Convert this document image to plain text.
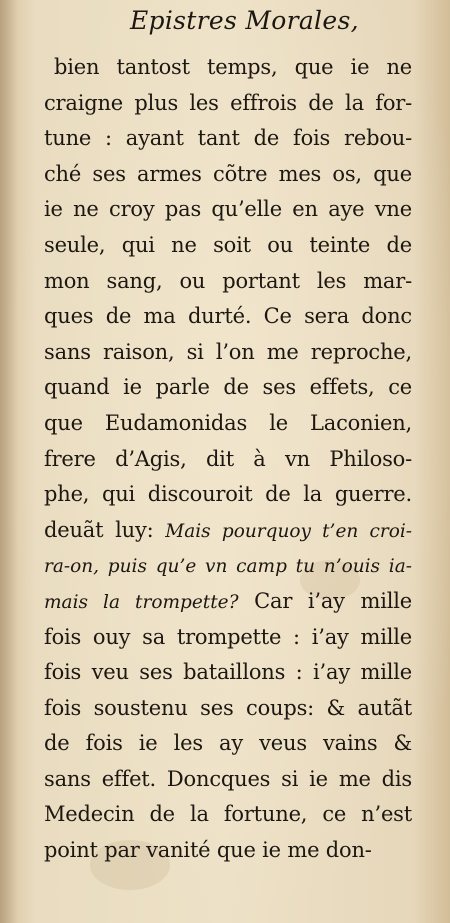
Epistres Morales,
bien tantost temps, que ie ne
craigne plus les effrois de la for-
tune : ayant tant de fois rebou-
ché ses armes cõtre mes os, que
ie ne croy pas qu’elle en aye vne
seule, qui ne soit ou teinte de
mon sang, ou portant les mar-
ques de ma durté. Ce sera donc
sans raison, si l’on me reproche,
quand ie parle de ses effets, ce
que Eudamonidas le Laconien,
frere d’Agis, dit à vn Philoso-
phe, qui discouroit de la guerre.
deuãt luy: Mais pourquoy t’en croi-
ra-on, puis qu’e vn camp tu n’ouis ia-
mais la trompette? Car i’ay mille
fois ouy sa trompette : i’ay mille
fois veu ses bataillons : i’ay mille
fois soustenu ses coups: & autãt
de fois ie les ay veus vains &
sans effet. Doncques si ie me dis
Medecin de la fortune, ce n’est
point par vanité que ie me don-
